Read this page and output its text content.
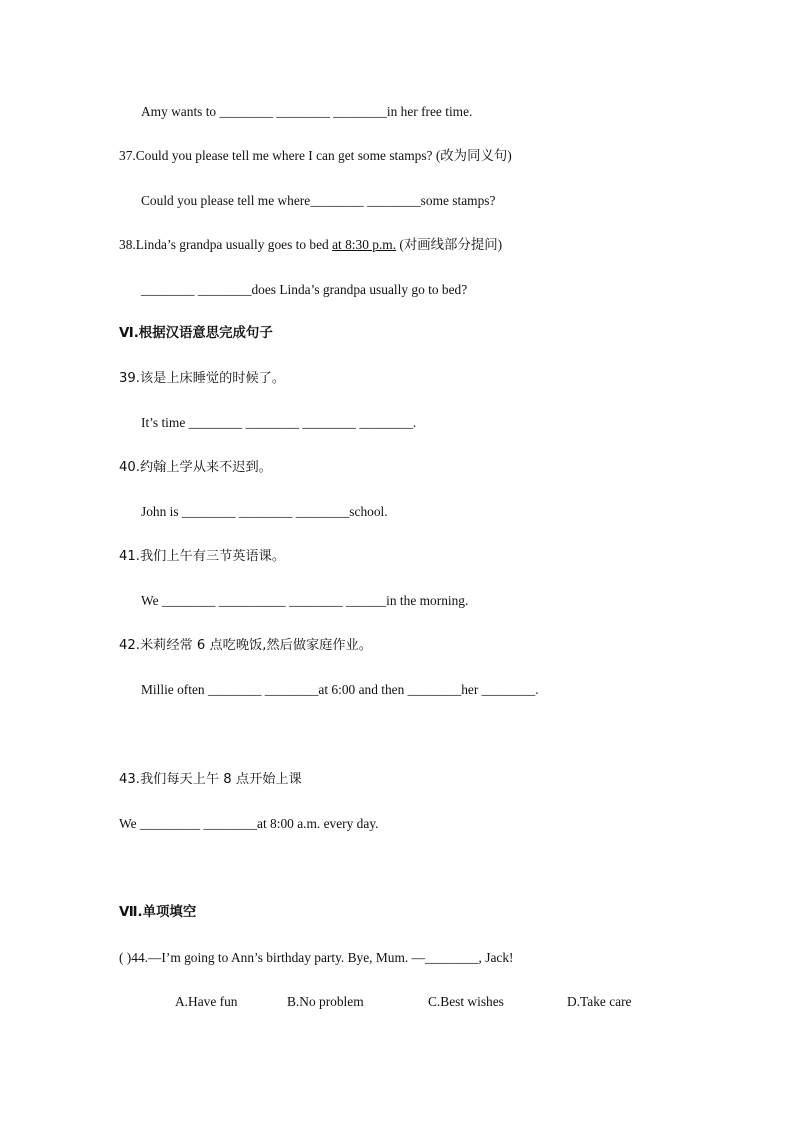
Amy wants to ________ ________ ________in her free time.
37.Could you please tell me where I can get some stamps? (改为同义句)
Could you please tell me where________ ________some stamps?
38.Linda’s grandpa usually goes to bed at 8:30 p.m. (对画线部分提问)
________ ________does Linda’s grandpa usually go to bed?
Ⅵ.根据汉语意思完成句子
39.该是上床睡觉的时候了。
It’s time ________ ________ ________ ________.
40.约翰上学从来不迟到。
John is ________ ________ ________school.
41.我们上午有三节英语课。
We ________ __________ ________ ______in the morning.
42.米莉经常 6 点吃晚饭,然后做家庭作业。
Millie often ________ ________at 6:00 and then ________her ________.
43.我们每天上午 8 点开始上课
We _________ ________at 8:00 a.m. every day.
Ⅶ.单项填空
( )44.—I’m going to Ann’s birthday party. Bye, Mum. —________, Jack!
A.Have fun	B.No problem	C.Best wishes	D.Take care
